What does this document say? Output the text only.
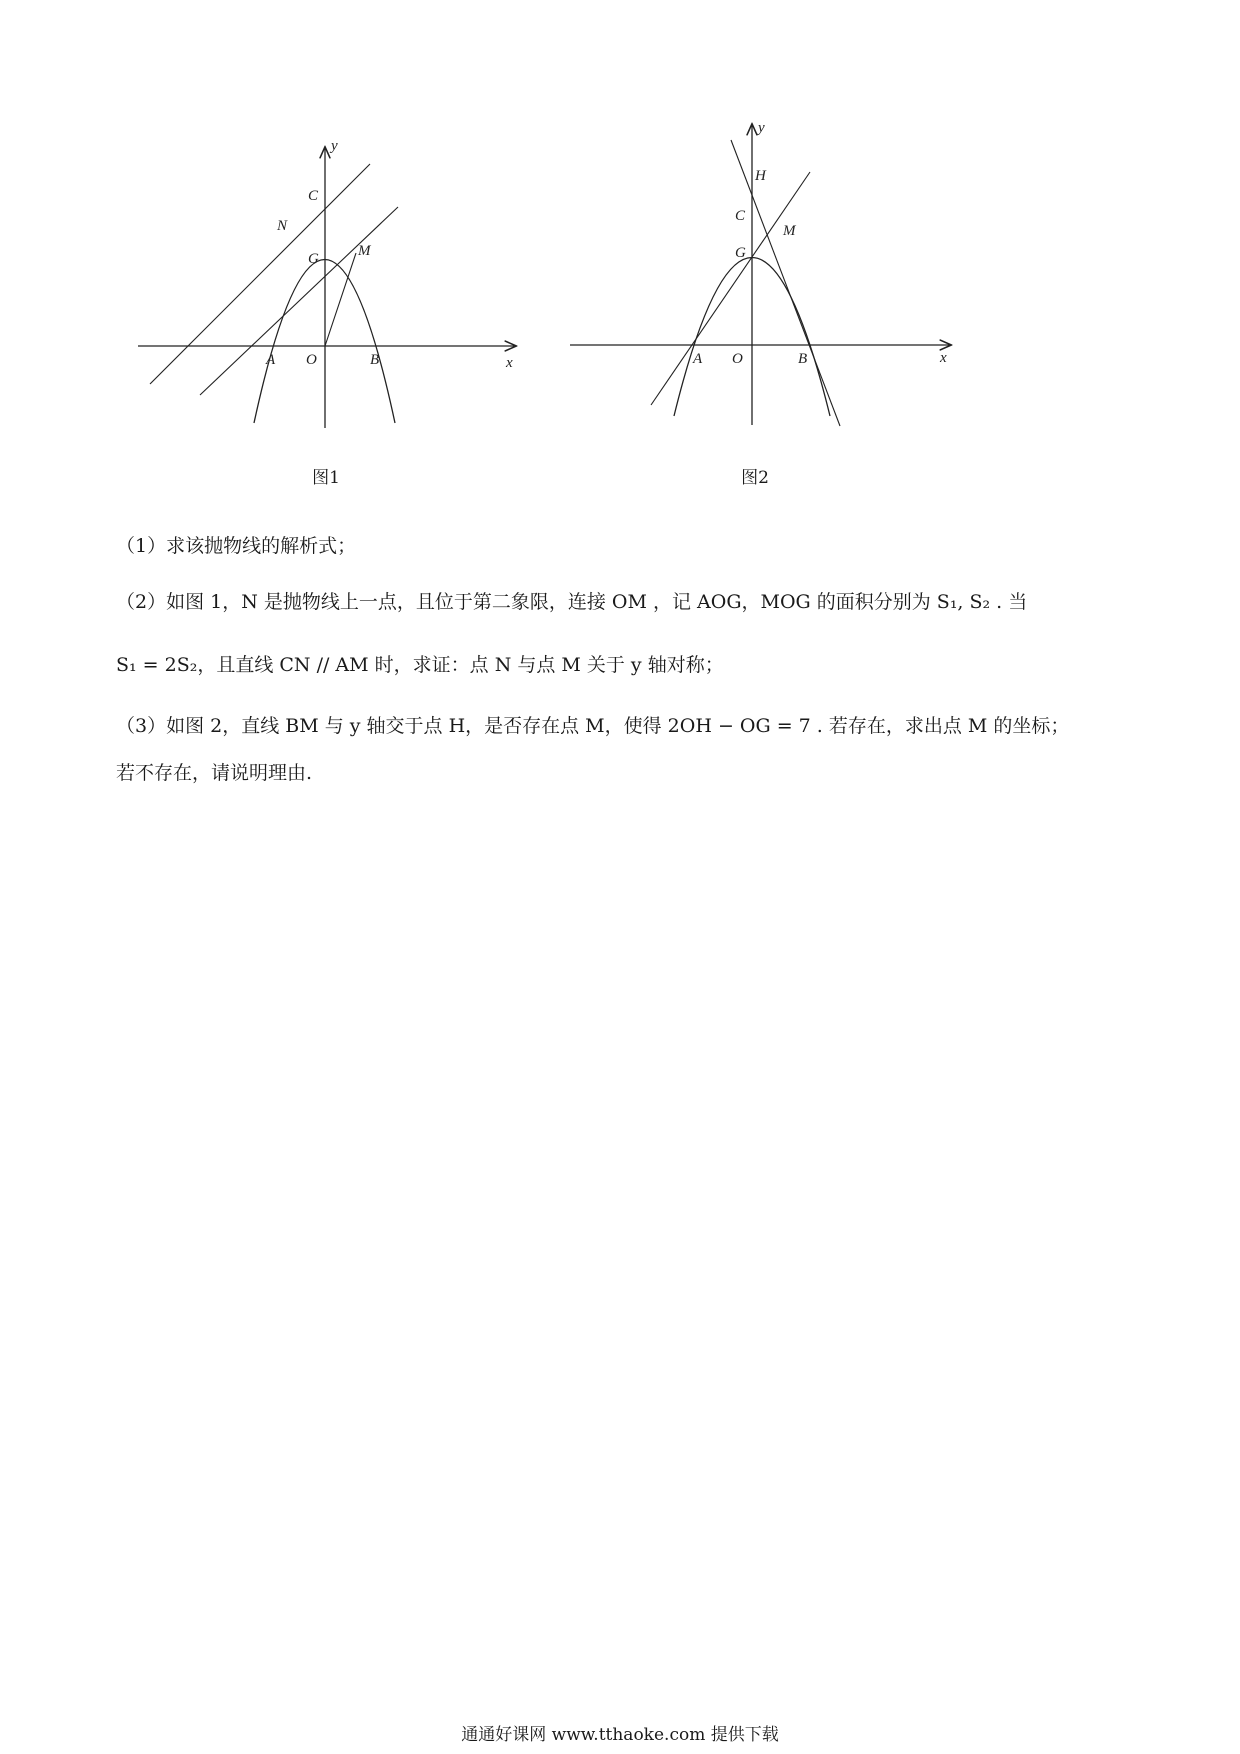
y
x
C
N
M
G
A O	B
图1
y
x
H
C
M
G
A O	B
图2
（1）求该抛物线的解析式；
（2）如图 1，N 是抛物线上一点，且位于第二象限，连接 OM ，记 AOG，MOG 的面积分别为 S₁, S₂ . 当
S₁ = 2S₂，且直线 CN // AM 时，求证：点 N 与点 M 关于 y 轴对称；
（3）如图 2，直线 BM 与 y 轴交于点 H，是否存在点 M，使得 2OH − OG = 7 . 若存在，求出点 M 的坐标；
若不存在，请说明理由.
通通好课网 www.tthaoke.com 提供下载
